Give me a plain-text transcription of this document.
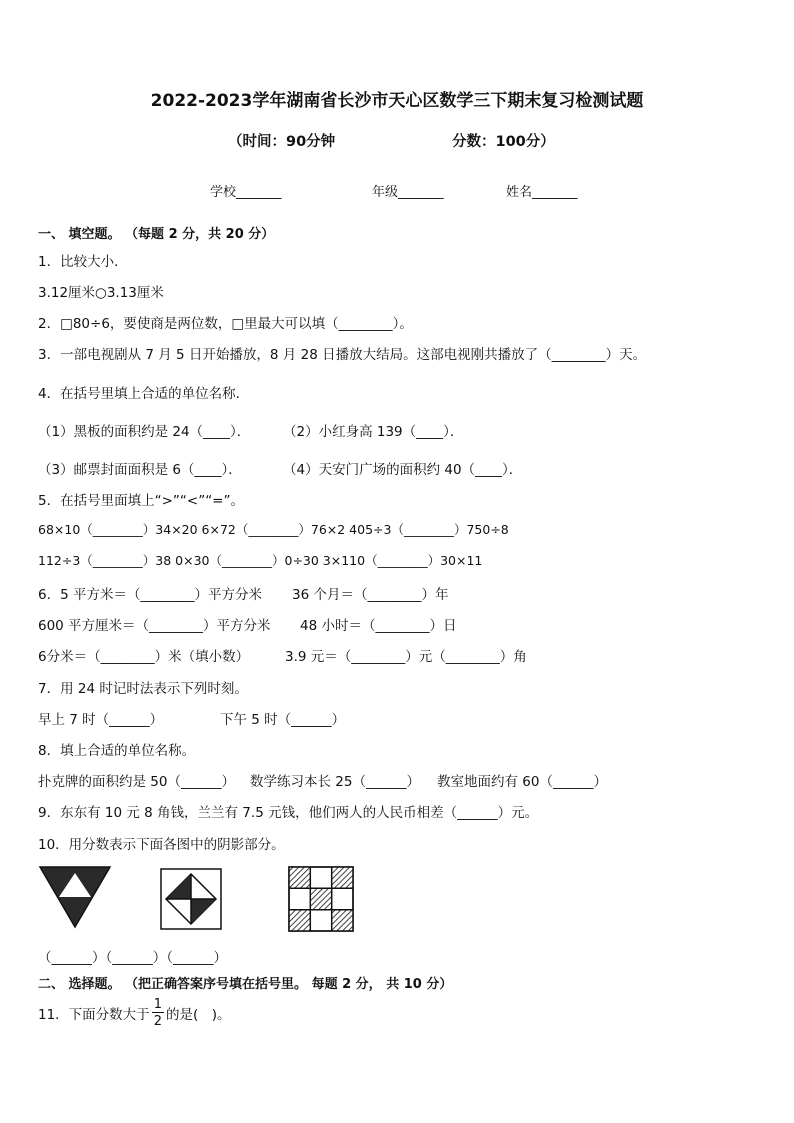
2022-2023学年湖南省长沙市天心区数学三下期末复习检测试题
（时间：90分钟	分数：100分）
学校_______	年级_______	姓名_______
一、 填空题。 （每题 2 分，共 20 分）
1．比较大小．
3.12厘米○3.13厘米
2．□80÷6，要使商是两位数，□里最大可以填（________）。
3．一部电视剧从 7 月 5 日开始播放，8 月 28 日播放大结局。这部电视刚共播放了（________）天。
4．在括号里填上合适的单位名称．
（1）黑板的面积约是 24（____）． （2）小红身高 139（____）．
（3）邮票封面面积是 6（____）．	（4）天安门广场的面积约 40（____）．
5．在括号里面填上“>”“<”“=”。
68×10（________）34×20 6×72（________）76×2 405÷3（________）750÷8
112÷3（________）38 0×30（________）0÷30 3×110（________）30×11
6．5 平方米＝（________）平方分米 36 个月＝（________）年
600 平方厘米＝（________）平方分米 48 小时＝（________）日
6分米＝（________）米（填小数）	3.9 元＝（________）元（________）角
7．用 24 时记时法表示下列时刻。
早上 7 时（______）	下午 5 时（______）
8．填上合适的单位名称。
扑克牌的面积约是 50（______） 数学练习本长 25（______） 教室地面约有 60（______）
9．东东有 10 元 8 角钱，兰兰有 7.5 元钱，他们两人的人民币相差（______）元。
10．用分数表示下面各图中的阴影部分。
（______）（______）（______）
二、 选择题。 （把正确答案序号填在括号里。 每题 2 分， 共 10 分）
11．下面分数大于 $\frac{1}{2}$ 的是(　)。
